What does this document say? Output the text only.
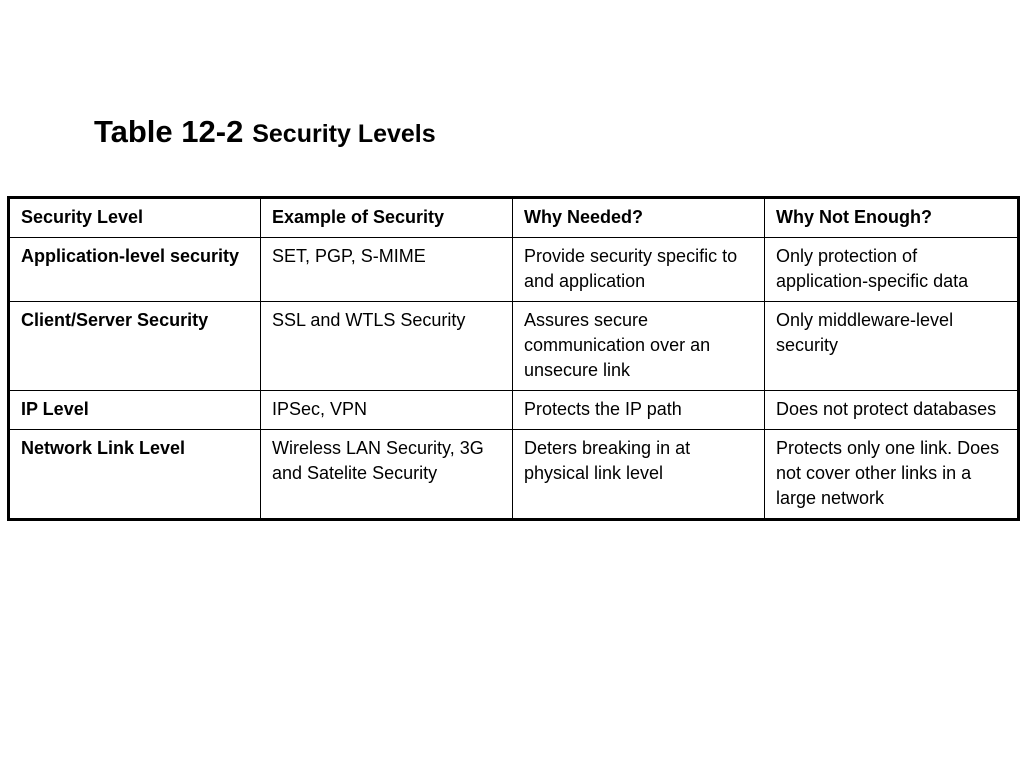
Table 12-2 Security Levels
Security Level	Example of Security	Why Needed?	Why Not Enough?
Application-level security	SET, PGP, S-MIME	Provide security specific to and application	Only protection of application-specific data
Client/Server Security	SSL and WTLS Security	Assures secure communication over an unsecure link	Only middleware-level security
IP Level	IPSec, VPN	Protects the IP path	Does not protect databases
Network Link Level	Wireless LAN Security, 3G and Satelite Security	Deters breaking in at physical link level	Protects only one link. Does not cover other links in a large network
